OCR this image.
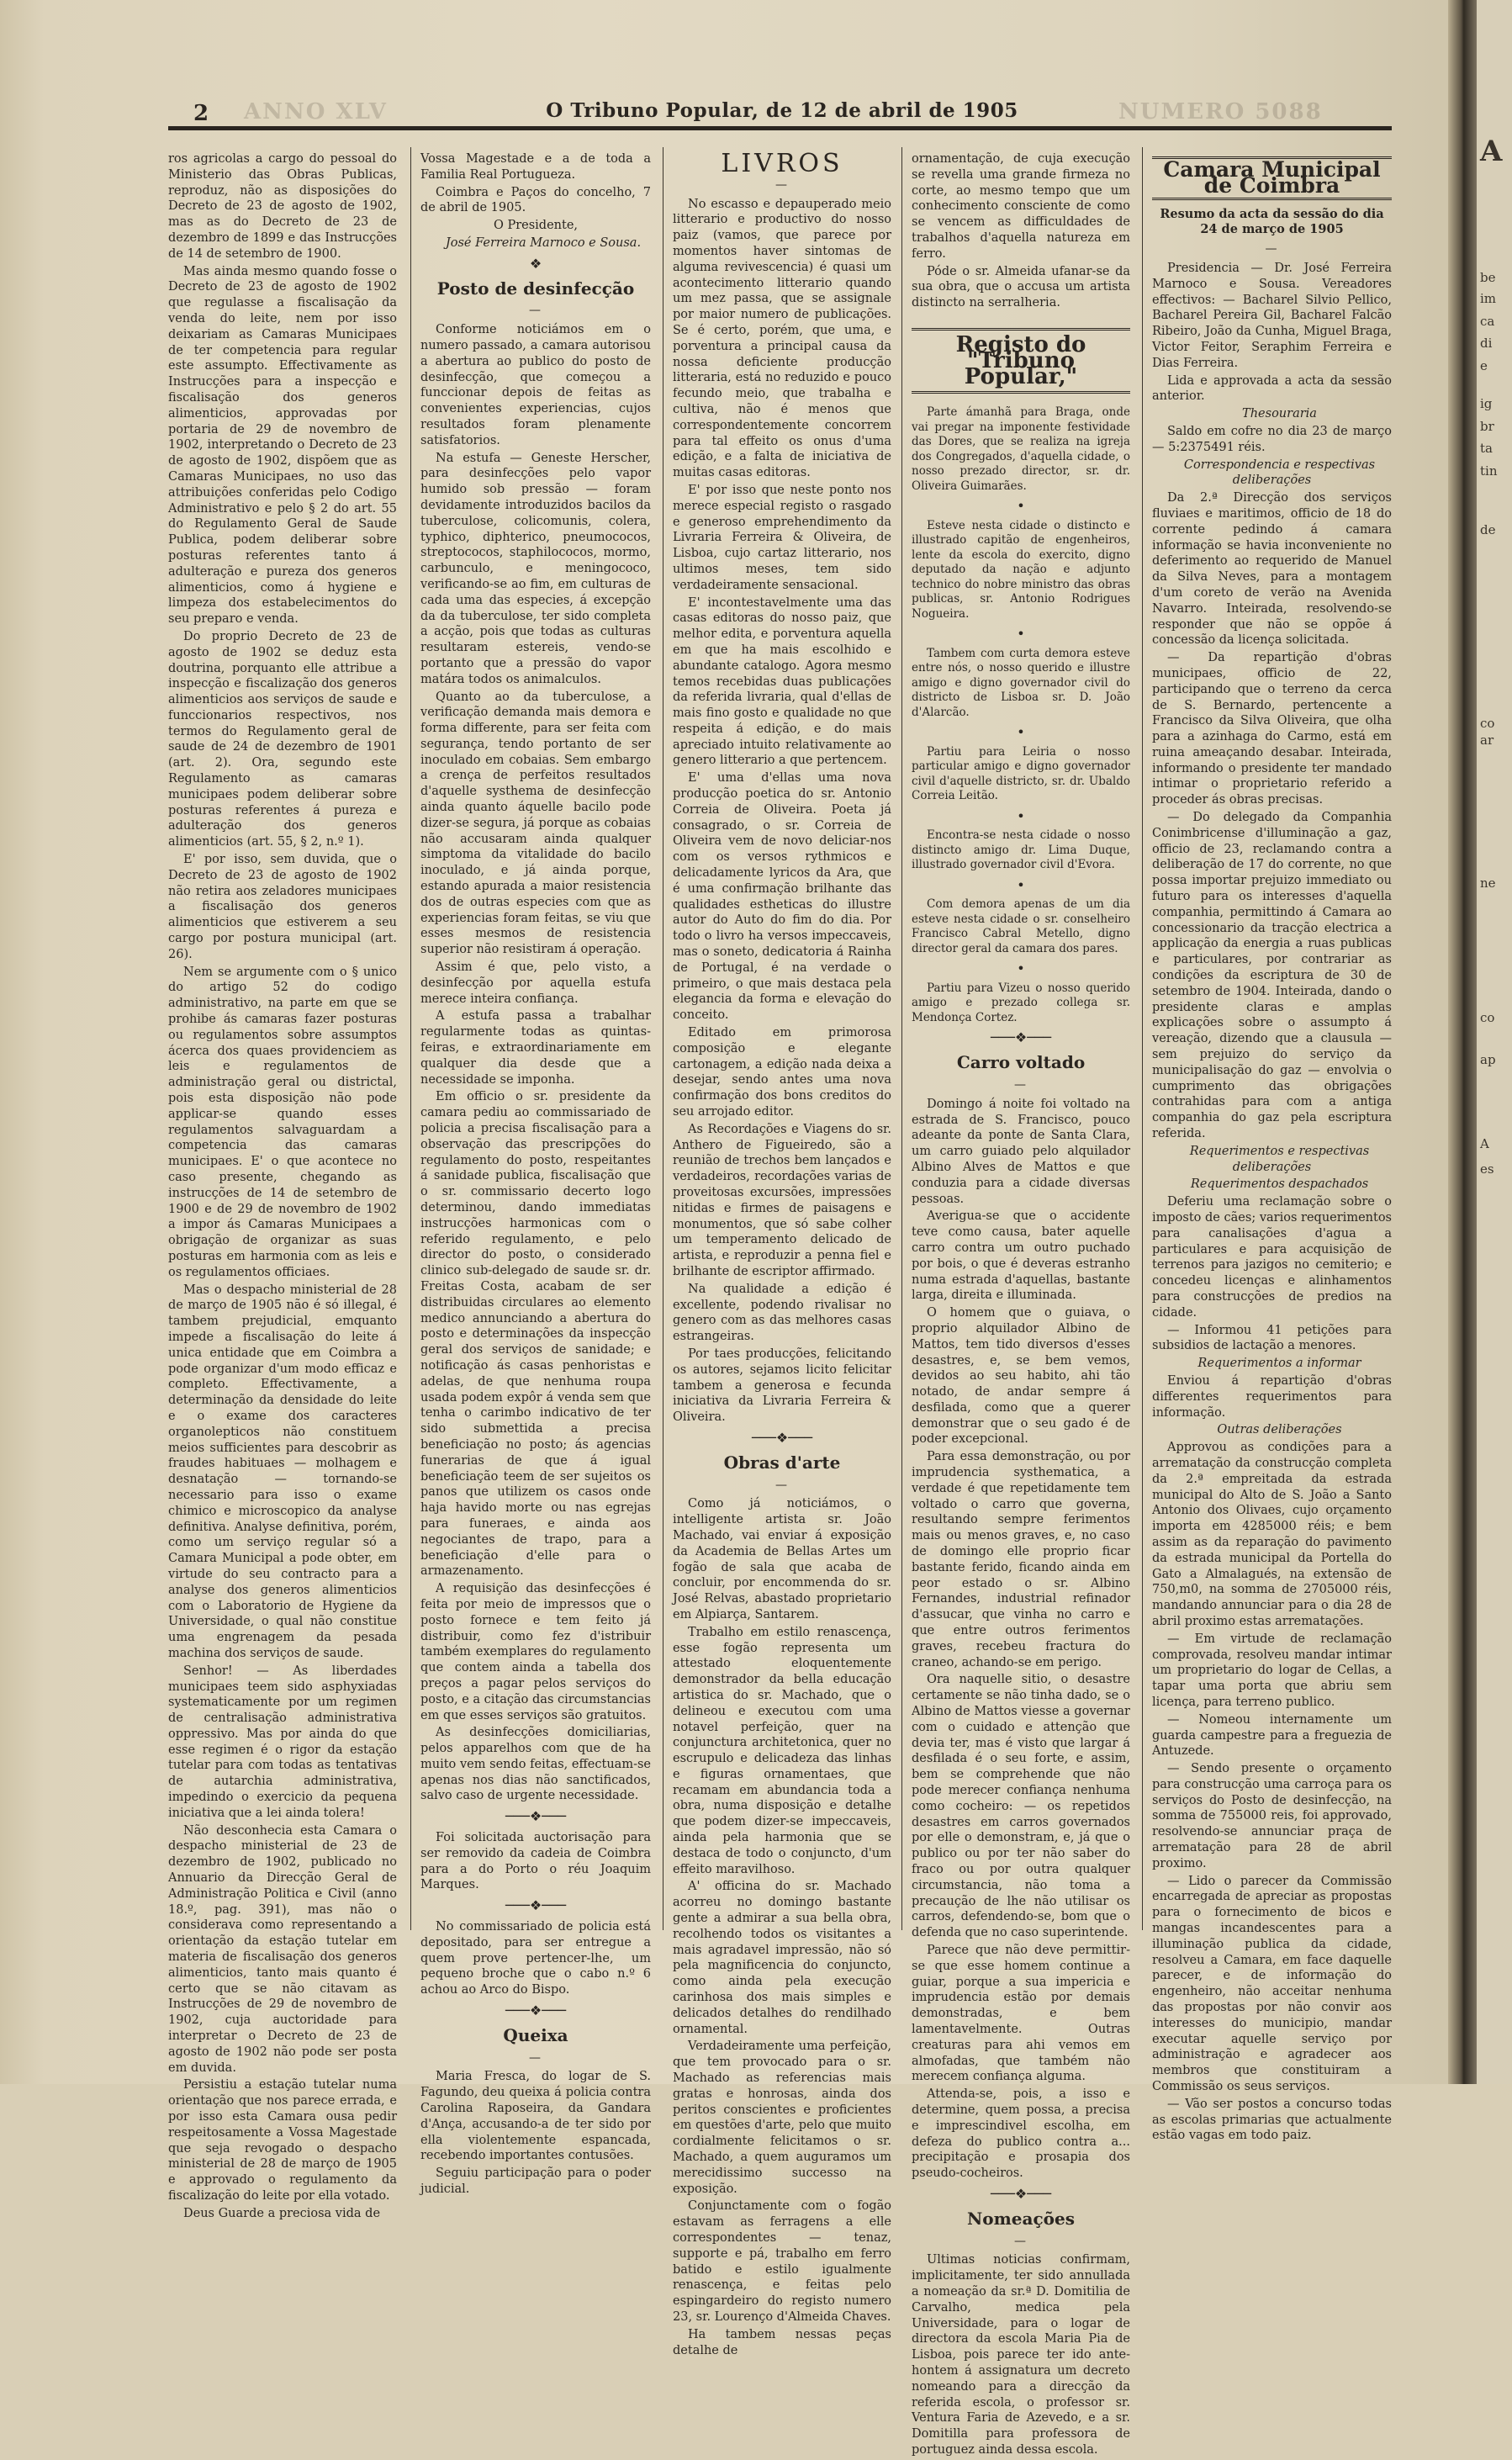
A
be
im
ca
di
e
ig
br
ta
tin
de
co
ar
ne
co
ap
A
es
2 ANNO XLV	O Tribuno Popular, de 12 de abril de 1905	NUMERO 5088

ros agricolas a cargo do pessoal do Ministerio das Obras Publicas, reproduz, não as disposições do Decreto de 23 de agosto de 1902, mas as do Decreto de 23 de dezembro de 1899 e das Instrucções de 14 de setembro de 1900.

Mas ainda mesmo quando fosse o Decreto de 23 de agosto de 1902 que regulasse a fiscalisação da venda do leite, nem por isso deixariam as Camaras Municipaes de ter competencia para regular este assumpto. Effectivamente as Instrucções para a inspecção e fiscalisação dos generos alimenticios, approvadas por portaria de 29 de novembro de 1902, interpretando o Decreto de 23 de agosto de 1902, dispõem que as Camaras Municipaes, no uso das attribuições conferidas pelo Codigo Administrativo e pelo § 2 do art. 55 do Regulamento Geral de Saude Publica, podem deliberar sobre posturas referentes tanto á adulteração e pureza dos generos alimenticios, como á hygiene e limpeza dos estabelecimentos do seu preparo e venda.

Do proprio Decreto de 23 de agosto de 1902 se deduz esta doutrina, porquanto elle attribue a inspecção e fiscalização dos generos alimenticios aos serviços de saude e funccionarios respectivos, nos termos do Regulamento geral de saude de 24 de dezembro de 1901 (art. 2). Ora, segundo este Regulamento as camaras municipaes podem deliberar sobre posturas referentes á pureza e adulteração dos generos alimenticios (art. 55, § 2, n.º 1).

E' por isso, sem duvida, que o Decreto de 23 de agosto de 1902 não retira aos zeladores municipaes a fiscalisação dos generos alimenticios que estiverem a seu cargo por postura municipal (art. 26).

Nem se argumente com o § unico do artigo 52 do codigo administrativo, na parte em que se prohibe ás camaras fazer posturas ou regulamentos sobre assumptos ácerca dos quaes providenciem as leis e regulamentos de administração geral ou districtal, pois esta disposição não pode applicar-se quando esses regulamentos salvaguardam a competencia das camaras municipaes. E' o que acontece no caso presente, chegando as instrucções de 14 de setembro de 1900 e de 29 de novembro de 1902 a impor ás Camaras Municipaes a obrigação de organizar as suas posturas em harmonia com as leis e os regulamentos officiaes.

Mas o despacho ministerial de 28 de março de 1905 não é só illegal, é tambem prejudicial, emquanto impede a fiscalisação do leite á unica entidade que em Coimbra a pode organizar d'um modo efficaz e completo. Effectivamente, a determinação da densidade do leite e o exame dos caracteres organolepticos não constituem meios sufficientes para descobrir as fraudes habituaes — molhagem e desnatação — tornando-se necessario para isso o exame chimico e microscopico da analyse definitiva. Analyse definitiva, porém, como um serviço regular só a Camara Municipal a pode obter, em virtude do seu contracto para a analyse dos generos alimenticios com o Laboratorio de Hygiene da Universidade, o qual não constitue uma engrenagem da pesada machina dos serviços de saude.

Senhor! — As liberdades municipaes teem sido asphyxiadas systematicamente por um regimen de centralisação administrativa oppressivo. Mas por ainda do que esse regimen é o rigor da estação tutelar para com todas as tentativas de autarchia administrativa, impedindo o exercicio da pequena iniciativa que a lei ainda tolera!

Não desconhecia esta Camara o despacho ministerial de 23 de dezembro de 1902, publicado no Annuario da Direcção Geral de Administração Politica e Civil (anno 18.º, pag. 391), mas não o considerava como representando a orientação da estação tutelar em materia de fiscalisação dos generos alimenticios, tanto mais quanto é certo que se não citavam as Instrucções de 29 de novembro de 1902, cuja auctoridade para interpretar o Decreto de 23 de agosto de 1902 não pode ser posta em duvida.

Persistiu a estação tutelar numa orientação que nos parece errada, e por isso esta Camara ousa pedir respeitosamente a Vossa Magestade que seja revogado o despacho ministerial de 28 de março de 1905 e approvado o regulamento da fiscalização do leite por ella votado.

Deus Guarde a preciosa vida de

Vossa Magestade e a de toda a Familia Real Portugueza.

Coimbra e Paços do concelho, 7 de abril de 1905.

O Presidente,

José Ferreira Marnoco e Sousa.

❖
Posto de desinfecção
—

Conforme noticiámos em o numero passado, a camara autorisou a abertura ao publico do posto de desinfecção, que começou a funccionar depois de feitas as convenientes experiencias, cujos resultados foram plenamente satisfatorios.

Na estufa — Geneste Herscher, para desinfecções pelo vapor humido sob pressão — foram devidamente introduzidos bacilos da tuberculose, colicomunis, colera, typhico, diphterico, pneumococos, streptococos, staphilococos, mormo, carbunculo, e meningococo, verificando-se ao fim, em culturas de cada uma das especies, á excepção da da tuberculose, ter sido completa a acção, pois que todas as culturas resultaram estereis, vendo-se portanto que a pressão do vapor matára todos os animalculos.

Quanto ao da tuberculose, a verificação demanda mais demora e forma differente, para ser feita com segurança, tendo portanto de ser inoculado em cobaias. Sem embargo a crença de perfeitos resultados d'aquelle systhema de desinfecção ainda quanto áquelle bacilo pode dizer-se segura, já porque as cobaias não accusaram ainda qualquer simptoma da vitalidade do bacilo inoculado, e já ainda porque, estando apurada a maior resistencia dos de outras especies com que as experiencias foram feitas, se viu que esses mesmos de resistencia superior não resistiram á operação.

Assim é que, pelo visto, a desinfecção por aquella estufa merece inteira confiança.

A estufa passa a trabalhar regularmente todas as quintas-feiras, e extraordinariamente em qualquer dia desde que a necessidade se imponha.

Em officio o sr. presidente da camara pediu ao commissariado de policia a precisa fiscalisação para a observação das prescripções do regulamento do posto, respeitantes á sanidade publica, fiscalisação que o sr. commissario decerto logo determinou, dando immediatas instrucções harmonicas com o referido regulamento, e pelo director do posto, o considerado clinico sub-delegado de saude sr. dr. Freitas Costa, acabam de ser distribuidas circulares ao elemento medico annunciando a abertura do posto e determinações da inspecção geral dos serviços de sanidade; e notificação ás casas penhoristas e adelas, de que nenhuma roupa usada podem expôr á venda sem que tenha o carimbo indicativo de ter sido submettida a precisa beneficiação no posto; ás agencias funerarias de que á igual beneficiação teem de ser sujeitos os panos que utilizem os casos onde haja havido morte ou nas egrejas para funeraes, e ainda aos negociantes de trapo, para a beneficiação d'elle para o armazenamento.

A requisição das desinfecções é feita por meio de impressos que o posto fornece e tem feito já distribuir, como fez d'istribuir também exemplares do regulamento que contem ainda a tabella dos preços a pagar pelos serviços do posto, e a citação das circumstancias em que esses serviços são gratuitos.

As desinfecções domiciliarias, pelos apparelhos com que de ha muito vem sendo feitas, effectuam-se apenas nos dias não sanctificados, salvo caso de urgente necessidade.

───❖───

Foi solicitada auctorisação para ser removido da cadeia de Coimbra para a do Porto o réu Joaquim Marques.

───❖───

No commissariado de policia está depositado, para ser entregue a quem prove pertencer-lhe, um pequeno broche que o cabo n.º 6 achou ao Arco do Bispo.

───❖───
Queixa
—

Maria Fresca, do logar de S. Fagundo, deu queixa á policia contra Carolina Raposeira, da Gandara d'Ança, accusando-a de ter sido por ella violentemente espancada, recebendo importantes contusões.

Seguiu participação para o poder judicial.

LIVROS
—

No escasso e depauperado meio litterario e productivo do nosso paiz (vamos, que parece por momentos haver sintomas de alguma revivescencia) é quasi um acontecimento litterario quando um mez passa, que se assignale por maior numero de publicações. Se é certo, porém, que uma, e porventura a principal causa da nossa deficiente producção litteraria, está no reduzido e pouco fecundo meio, que trabalha e cultiva, não é menos que correspondentemente concorrem para tal effeito os onus d'uma edição, e a falta de iniciativa de muitas casas editoras.

E' por isso que neste ponto nos merece especial registo o rasgado e generoso emprehendimento da Livraria Ferreira & Oliveira, de Lisboa, cujo cartaz litterario, nos ultimos meses, tem sido verdadeiramente sensacional.

E' incontestavelmente uma das casas editoras do nosso paiz, que melhor edita, e porventura aquella em que ha mais escolhido e abundante catalogo. Agora mesmo temos recebidas duas publicações da referida livraria, qual d'ellas de mais fino gosto e qualidade no que respeita á edição, e do mais apreciado intuito relativamente ao genero litterario a que pertencem.

E' uma d'ellas uma nova producção poetica do sr. Antonio Correia de Oliveira. Poeta já consagrado, o sr. Correia de Oliveira vem de novo deliciar-nos com os versos rythmicos e delicadamente lyricos da Ara, que é uma confirmação brilhante das qualidades estheticas do illustre autor do Auto do fim do dia. Por todo o livro ha versos impeccaveis, mas o soneto, dedicatoria á Rainha de Portugal, é na verdade o primeiro, o que mais destaca pela elegancia da forma e elevação do conceito.

Editado em primorosa composição e elegante cartonagem, a edição nada deixa a desejar, sendo antes uma nova confirmação dos bons creditos do seu arrojado editor.

As Recordações e Viagens do sr. Anthero de Figueiredo, são a reunião de trechos bem lançados e verdadeiros, recordações varias de proveitosas excursões, impressões nitidas e firmes de paisagens e monumentos, que só sabe colher um temperamento delicado de artista, e reproduzir a penna fiel e brilhante de escriptor affirmado.

Na qualidade a edição é excellente, podendo rivalisar no genero com as das melhores casas estrangeiras.

Por taes producções, felicitando os autores, sejamos licito felicitar tambem a generosa e fecunda iniciativa da Livraria Ferreira & Oliveira.

───❖───
Obras d'arte
—

Como já noticiámos, o intelligente artista sr. João Machado, vai enviar á exposição da Academia de Bellas Artes um fogão de sala que acaba de concluir, por encommenda do sr. José Relvas, abastado proprietario em Alpiarça, Santarem.

Trabalho em estilo renascença, esse fogão representa um attestado eloquentemente demonstrador da bella educação artistica do sr. Machado, que o delineou e executou com uma notavel perfeição, quer na conjunctura architetonica, quer no escrupulo e delicadeza das linhas e figuras ornamentaes, que recamam em abundancia toda a obra, numa disposição e detalhe que podem dizer-se impeccaveis, ainda pela harmonia que se destaca de todo o conjuncto, d'um effeito maravilhoso.

A' officina do sr. Machado acorreu no domingo bastante gente a admirar a sua bella obra, recolhendo todos os visitantes a mais agradavel impressão, não só pela magnificencia do conjuncto, como ainda pela execução carinhosa dos mais simples e delicados detalhes do rendilhado ornamental.

Verdadeiramente uma perfeição, que tem provocado para o sr. Machado as referencias mais gratas e honrosas, ainda dos peritos conscientes e proficientes em questões d'arte, pelo que muito cordialmente felicitamos o sr. Machado, a quem auguramos um merecidissimo successo na exposição.

Conjunctamente com o fogão estavam as ferragens a elle correspondentes — tenaz, supporte e pá, trabalho em ferro batido e estilo igualmente renascença, e feitas pelo espingardeiro do registo numero 23, sr. Lourenço d'Almeida Chaves.

Ha tambem nessas peças detalhe de

ornamentação, de cuja execução se revella uma grande firmeza no corte, ao mesmo tempo que um conhecimento consciente de como se vencem as difficuldades de trabalhos d'aquella natureza em ferro.

Póde o sr. Almeida ufanar-se da sua obra, que o accusa um artista distincto na serralheria.

Registo do "Tribuno Popular,"

Parte ámanhã para Braga, onde vai pregar na imponente festividade das Dores, que se realiza na igreja dos Congregados, d'aquella cidade, o nosso prezado director, sr. dr. Oliveira Guimarães.

•

Esteve nesta cidade o distincto e illustrado capitão de engenheiros, lente da escola do exercito, digno deputado da nação e adjunto technico do nobre ministro das obras publicas, sr. Antonio Rodrigues Nogueira.

•

Tambem com curta demora esteve entre nós, o nosso querido e illustre amigo e digno governador civil do districto de Lisboa sr. D. João d'Alarcão.

•

Partiu para Leiria o nosso particular amigo e digno governador civil d'aquelle districto, sr. dr. Ubaldo Correia Leitão.

•

Encontra-se nesta cidade o nosso distincto amigo dr. Lima Duque, illustrado governador civil d'Evora.

•

Com demora apenas de um dia esteve nesta cidade o sr. conselheiro Francisco Cabral Metello, digno director geral da camara dos pares.

•

Partiu para Vizeu o nosso querido amigo e prezado collega sr. Mendonça Cortez.

───❖───
Carro voltado
—

Domingo á noite foi voltado na estrada de S. Francisco, pouco adeante da ponte de Santa Clara, um carro guiado pelo alquilador Albino Alves de Mattos e que conduzia para a cidade diversas pessoas.

Averigua-se que o accidente teve como causa, bater aquelle carro contra um outro puchado por bois, o que é deveras estranho numa estrada d'aquellas, bastante larga, direita e illuminada.

O homem que o guiava, o proprio alquilador Albino de Mattos, tem tido diversos d'esses desastres, e, se bem vemos, devidos ao seu habito, ahi tão notado, de andar sempre á desfilada, como que a querer demonstrar que o seu gado é de poder excepcional.

Para essa demonstração, ou por imprudencia systhematica, a verdade é que repetidamente tem voltado o carro que governa, resultando sempre ferimentos mais ou menos graves, e, no caso de domingo elle proprio ficar bastante ferido, ficando ainda em peor estado o sr. Albino Fernandes, industrial refinador d'assucar, que vinha no carro e que entre outros ferimentos graves, recebeu fractura do craneo, achando-se em perigo.

Ora naquelle sitio, o desastre certamente se não tinha dado, se o Albino de Mattos viesse a governar com o cuidado e attenção que devia ter, mas é visto que largar á desfilada é o seu forte, e assim, bem se comprehende que não pode merecer confiança nenhuma como cocheiro: — os repetidos desastres em carros governados por elle o demonstram, e, já que o publico ou por ter não saber do fraco ou por outra qualquer circumstancia, não toma a precaução de lhe não utilisar os carros, defendendo-se, bom que o defenda que no caso superintende.

Parece que não deve permittir-se que esse homem continue a guiar, porque a sua impericia e imprudencia estão por demais demonstradas, e bem lamentavelmente. Outras creaturas para ahi vemos em almofadas, que também não merecem confiança alguma.

Attenda-se, pois, a isso e determine, quem possa, a precisa e imprescindivel escolha, em defeza do publico contra a... precipitação e prosapia dos pseudo-cocheiros.

───❖───
Nomeações
—

Ultimas noticias confirmam, implicitamente, ter sido annullada a nomeação da sr.ª D. Domitilia de Carvalho, medica pela Universidade, para o logar de directora da escola Maria Pia de Lisboa, pois parece ter ido ante-hontem á assignatura um decreto nomeando para a direcção da referida escola, o professor sr. Ventura Faria de Azevedo, e a sr. Domitilla para professora de portuguez ainda dessa escola.

Camara Municipal de Coimbra

Resumo da acta da sessão do dia 24 de março de 1905

—

Presidencia — Dr. José Ferreira Marnoco e Sousa. Vereadores effectivos: — Bacharel Silvio Pellico, Bacharel Pereira Gil, Bacharel Falcão Ribeiro, João da Cunha, Miguel Braga, Victor Feitor, Seraphim Ferreira e Dias Ferreira.

Lida e approvada a acta da sessão anterior.

Thesouraria

Saldo em cofre no dia 23 de março — 5:2375491 réis.

Correspondencia e respectivas deliberações

Da 2.ª Direcção dos serviços fluviaes e maritimos, officio de 18 do corrente pedindo á camara informação se havia inconveniente no deferimento ao requerido de Manuel da Silva Neves, para a montagem d'um coreto de verão na Avenida Navarro. Inteirada, resolvendo-se responder que não se oppõe á concessão da licença solicitada.

— Da repartição d'obras municipaes, officio de 22, participando que o terreno da cerca de S. Bernardo, pertencente a Francisco da Silva Oliveira, que olha para a azinhaga do Carmo, está em ruina ameaçando desabar. Inteirada, informando o presidente ter mandado intimar o proprietario referido a proceder ás obras precisas.

— Do delegado da Companhia Conimbricense d'illuminação a gaz, officio de 23, reclamando contra a deliberação de 17 do corrente, no que possa importar prejuizo immediato ou futuro para os interesses d'aquella companhia, permittindo á Camara ao concessionario da tracção electrica a applicação da energia a ruas publicas e particulares, por contrariar as condições da escriptura de 30 de setembro de 1904. Inteirada, dando o presidente claras e amplas explicações sobre o assumpto á vereação, dizendo que a clausula — sem prejuizo do serviço da municipalisação do gaz — envolvia o cumprimento das obrigações contrahidas para com a antiga companhia do gaz pela escriptura referida.

Requerimentos e respectivas deliberações

Requerimentos despachados

Deferiu uma reclamação sobre o imposto de cães; varios requerimentos para canalisações d'agua a particulares e para acquisição de terrenos para jazigos no cemiterio; e concedeu licenças e alinhamentos para construcções de predios na cidade.

— Informou 41 petições para subsidios de lactação a menores.

Requerimentos a informar

Enviou á repartição d'obras differentes requerimentos para informação.

Outras deliberações

Approvou as condições para a arrematação da construcção completa da 2.ª empreitada da estrada municipal do Alto de S. João a Santo Antonio dos Olivaes, cujo orçamento importa em 4285000 réis; e bem assim as da reparação do pavimento da estrada municipal da Portella do Gato a Almalagués, na extensão de 750,m0, na somma de 2705000 réis, mandando annunciar para o dia 28 de abril proximo estas arrematações.

— Em virtude de reclamação comprovada, resolveu mandar intimar um proprietario do logar de Cellas, a tapar uma porta que abriu sem licença, para terreno publico.

— Nomeou internamente um guarda campestre para a freguezia de Antuzede.

— Sendo presente o orçamento para construcção uma carroça para os serviços do Posto de desinfecção, na somma de 755000 reis, foi approvado, resolvendo-se annunciar praça de arrematação para 28 de abril proximo.

— Lido o parecer da Commissão encarregada de apreciar as propostas para o fornecimento de bicos e mangas incandescentes para a illuminação publica da cidade, resolveu a Camara, em face daquelle parecer, e de informação do engenheiro, não acceitar nenhuma das propostas por não convir aos interesses do municipio, mandar executar aquelle serviço por administração e agradecer aos membros que constituiram a Commissão os seus serviços.

— Vão ser postos a concurso todas as escolas primarias que actualmente estão vagas em todo paiz.
